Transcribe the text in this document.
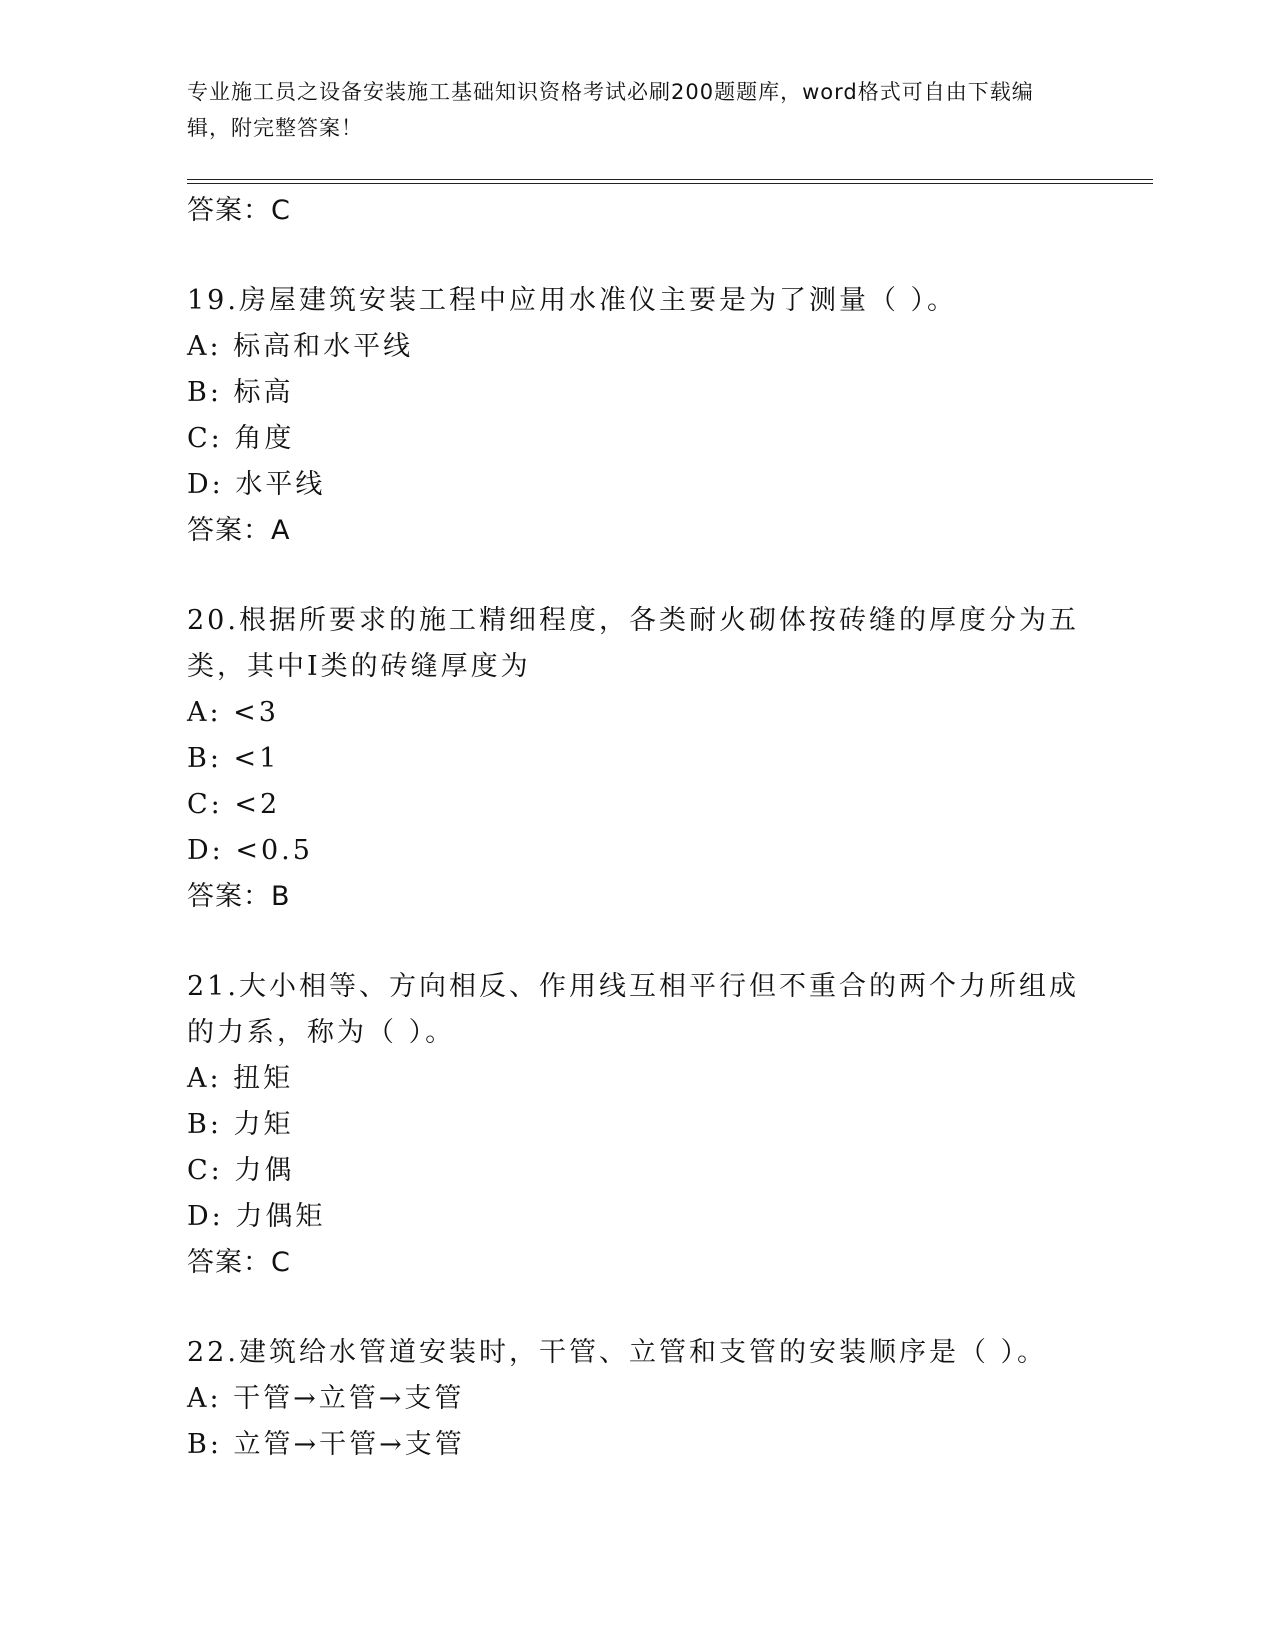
专业施工员之设备安装施工基础知识资格考试必刷200题题库，word格式可自由下载编辑，附完整答案！
答案：C
19.房屋建筑安装工程中应用水准仪主要是为了测量（ ）。
A: 标高和水平线
B: 标高
C: 角度
D: 水平线
答案：A
20.根据所要求的施工精细程度，各类耐火砌体按砖缝的厚度分为五类，其中Ⅰ类的砖缝厚度为
A: <3
B: <1
C: <2
D: <0.5
答案：B
21.大小相等、方向相反、作用线互相平行但不重合的两个力所组成的力系，称为（ ）。
A: 扭矩
B: 力矩
C: 力偶
D: 力偶矩
答案：C
22.建筑给水管道安装时，干管、立管和支管的安装顺序是（ ）。
A: 干管→立管→支管
B: 立管→干管→支管
